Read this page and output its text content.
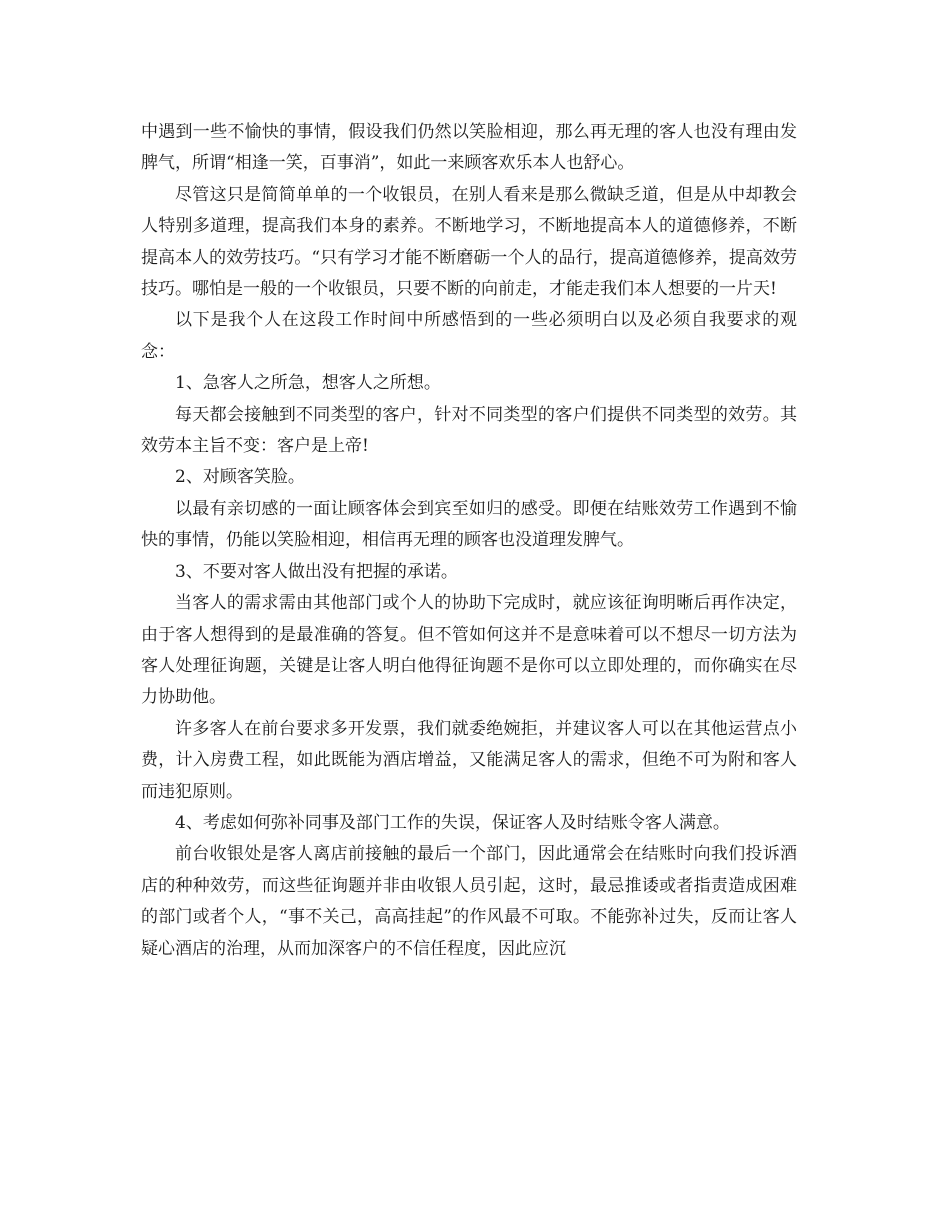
中遇到一些不愉快的事情，假设我们仍然以笑脸相迎，那么再无理的客人也没有理由发脾气，所谓“相逢一笑，百事消”，如此一来顾客欢乐本人也舒心。

尽管这只是简简单单的一个收银员，在别人看来是那么微缺乏道，但是从中却教会人特别多道理，提高我们本身的素养。不断地学习，不断地提高本人的道德修养，不断提高本人的效劳技巧。“只有学习才能不断磨砺一个人的品行，提高道德修养，提高效劳技巧。哪怕是一般的一个收银员，只要不断的向前走，才能走我们本人想要的一片天!

以下是我个人在这段工作时间中所感悟到的一些必须明白以及必须自我要求的观念：

1、急客人之所急，想客人之所想。

每天都会接触到不同类型的客户，针对不同类型的客户们提供不同类型的效劳。其效劳本主旨不变：客户是上帝!

2、对顾客笑脸。

以最有亲切感的一面让顾客体会到宾至如归的感受。即便在结账效劳工作遇到不愉快的事情，仍能以笑脸相迎，相信再无理的顾客也没道理发脾气。

3、不要对客人做出没有把握的承诺。

当客人的需求需由其他部门或个人的协助下完成时，就应该征询明晰后再作决定，由于客人想得到的是最准确的答复。但不管如何这并不是意味着可以不想尽一切方法为客人处理征询题，关键是让客人明白他得征询题不是你可以立即处理的，而你确实在尽力协助他。

许多客人在前台要求多开发票，我们就委绝婉拒，并建议客人可以在其他运营点小费，计入房费工程，如此既能为酒店增益，又能满足客人的需求，但绝不可为附和客人而违犯原则。

4、考虑如何弥补同事及部门工作的失误，保证客人及时结账令客人满意。

前台收银处是客人离店前接触的最后一个部门，因此通常会在结账时向我们投诉酒店的种种效劳，而这些征询题并非由收银人员引起，这时，最忌推诿或者指责造成困难的部门或者个人，“事不关己，高高挂起”的作风最不可取。不能弥补过失，反而让客人疑心酒店的治理，从而加深客户的不信任程度，因此应沉
